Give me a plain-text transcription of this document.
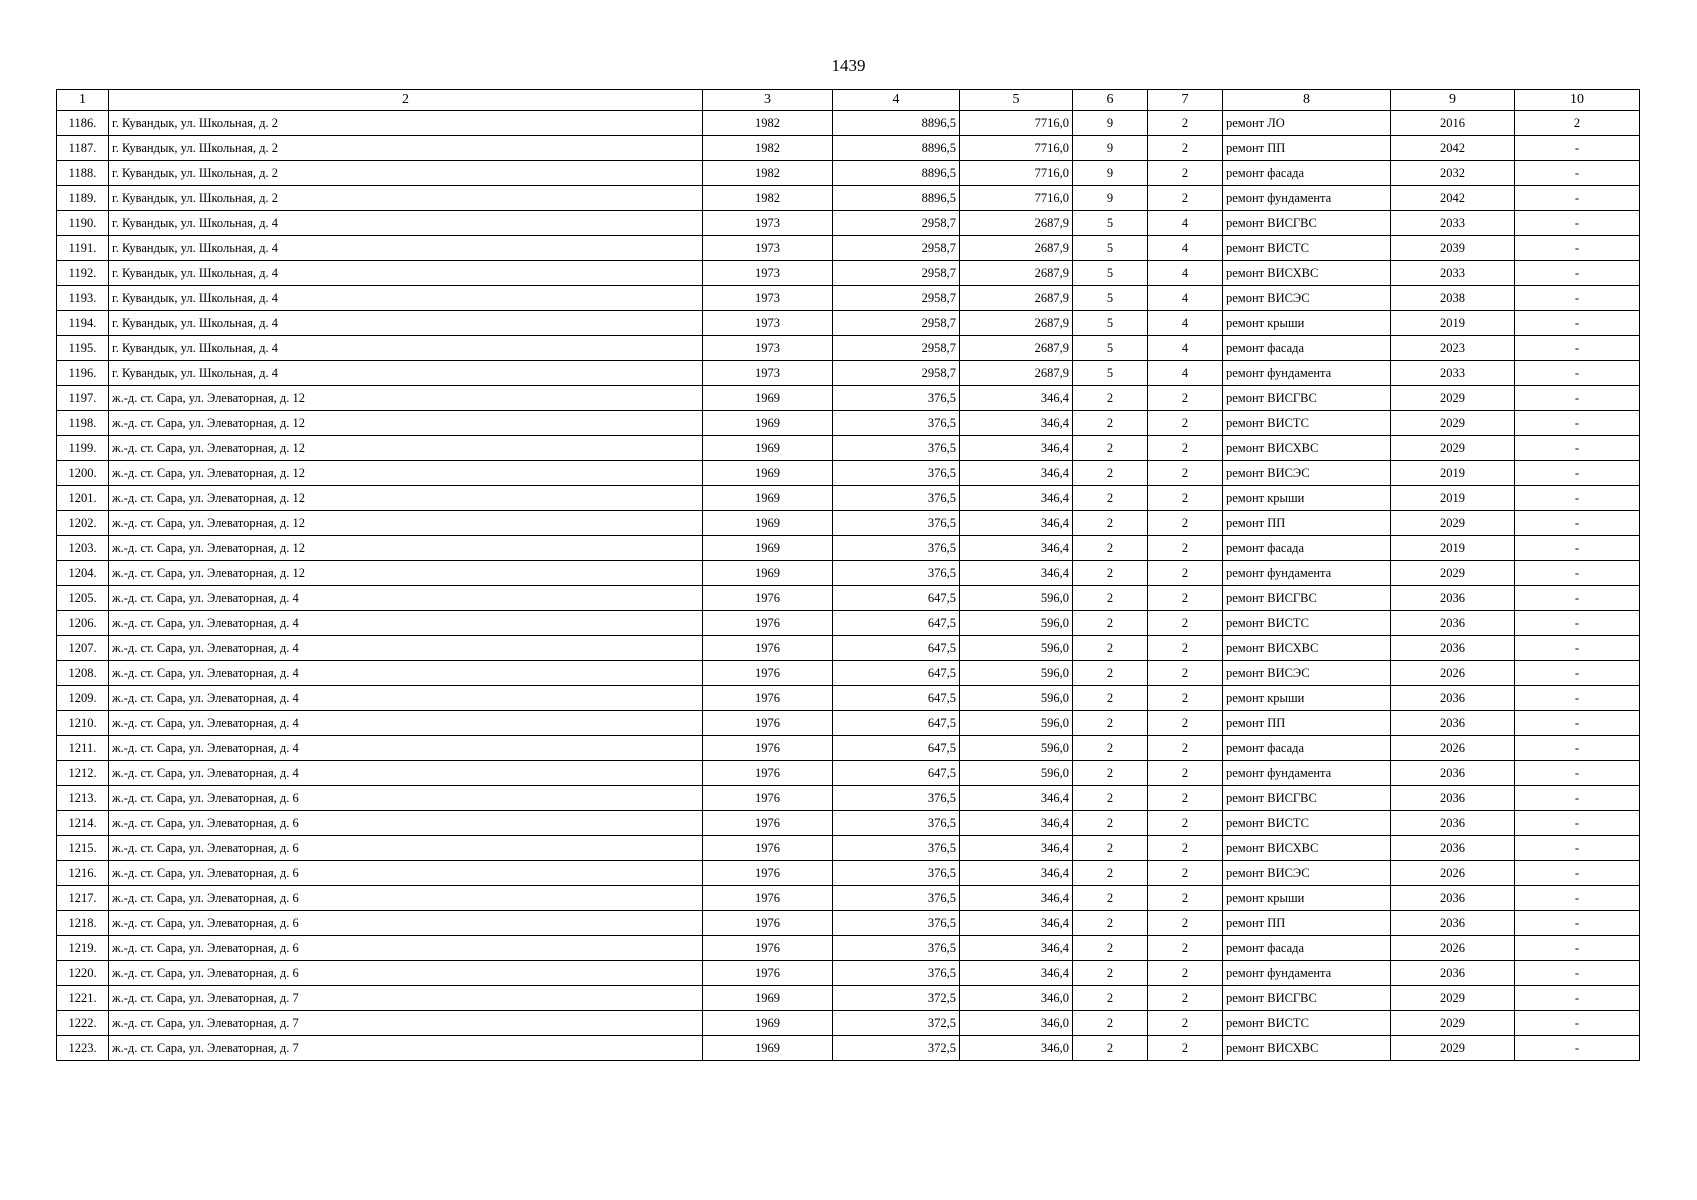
1439
1	2	3	4	5	6	7	8	9	10
1186.	г. Кувандык, ул. Школьная, д. 2	1982	8896,5	7716,0	9	2	ремонт ЛО	2016	2
1187.	г. Кувандык, ул. Школьная, д. 2	1982	8896,5	7716,0	9	2	ремонт ПП	2042	-
1188.	г. Кувандык, ул. Школьная, д. 2	1982	8896,5	7716,0	9	2	ремонт фасада	2032	-
1189.	г. Кувандык, ул. Школьная, д. 2	1982	8896,5	7716,0	9	2	ремонт фундамента	2042	-
1190.	г. Кувандык, ул. Школьная, д. 4	1973	2958,7	2687,9	5	4	ремонт ВИСГВС	2033	-
1191.	г. Кувандык, ул. Школьная, д. 4	1973	2958,7	2687,9	5	4	ремонт ВИСТС	2039	-
1192.	г. Кувандык, ул. Школьная, д. 4	1973	2958,7	2687,9	5	4	ремонт ВИСХВС	2033	-
1193.	г. Кувандык, ул. Школьная, д. 4	1973	2958,7	2687,9	5	4	ремонт ВИСЭС	2038	-
1194.	г. Кувандык, ул. Школьная, д. 4	1973	2958,7	2687,9	5	4	ремонт крыши	2019	-
1195.	г. Кувандык, ул. Школьная, д. 4	1973	2958,7	2687,9	5	4	ремонт фасада	2023	-
1196.	г. Кувандык, ул. Школьная, д. 4	1973	2958,7	2687,9	5	4	ремонт фундамента	2033	-
1197.	ж.-д. ст. Сара, ул. Элеваторная, д. 12	1969	376,5	346,4	2	2	ремонт ВИСГВС	2029	-
1198.	ж.-д. ст. Сара, ул. Элеваторная, д. 12	1969	376,5	346,4	2	2	ремонт ВИСТС	2029	-
1199.	ж.-д. ст. Сара, ул. Элеваторная, д. 12	1969	376,5	346,4	2	2	ремонт ВИСХВС	2029	-
1200.	ж.-д. ст. Сара, ул. Элеваторная, д. 12	1969	376,5	346,4	2	2	ремонт ВИСЭС	2019	-
1201.	ж.-д. ст. Сара, ул. Элеваторная, д. 12	1969	376,5	346,4	2	2	ремонт крыши	2019	-
1202.	ж.-д. ст. Сара, ул. Элеваторная, д. 12	1969	376,5	346,4	2	2	ремонт ПП	2029	-
1203.	ж.-д. ст. Сара, ул. Элеваторная, д. 12	1969	376,5	346,4	2	2	ремонт фасада	2019	-
1204.	ж.-д. ст. Сара, ул. Элеваторная, д. 12	1969	376,5	346,4	2	2	ремонт фундамента	2029	-
1205.	ж.-д. ст. Сара, ул. Элеваторная, д. 4	1976	647,5	596,0	2	2	ремонт ВИСГВС	2036	-
1206.	ж.-д. ст. Сара, ул. Элеваторная, д. 4	1976	647,5	596,0	2	2	ремонт ВИСТС	2036	-
1207.	ж.-д. ст. Сара, ул. Элеваторная, д. 4	1976	647,5	596,0	2	2	ремонт ВИСХВС	2036	-
1208.	ж.-д. ст. Сара, ул. Элеваторная, д. 4	1976	647,5	596,0	2	2	ремонт ВИСЭС	2026	-
1209.	ж.-д. ст. Сара, ул. Элеваторная, д. 4	1976	647,5	596,0	2	2	ремонт крыши	2036	-
1210.	ж.-д. ст. Сара, ул. Элеваторная, д. 4	1976	647,5	596,0	2	2	ремонт ПП	2036	-
1211.	ж.-д. ст. Сара, ул. Элеваторная, д. 4	1976	647,5	596,0	2	2	ремонт фасада	2026	-
1212.	ж.-д. ст. Сара, ул. Элеваторная, д. 4	1976	647,5	596,0	2	2	ремонт фундамента	2036	-
1213.	ж.-д. ст. Сара, ул. Элеваторная, д. 6	1976	376,5	346,4	2	2	ремонт ВИСГВС	2036	-
1214.	ж.-д. ст. Сара, ул. Элеваторная, д. 6	1976	376,5	346,4	2	2	ремонт ВИСТС	2036	-
1215.	ж.-д. ст. Сара, ул. Элеваторная, д. 6	1976	376,5	346,4	2	2	ремонт ВИСХВС	2036	-
1216.	ж.-д. ст. Сара, ул. Элеваторная, д. 6	1976	376,5	346,4	2	2	ремонт ВИСЭС	2026	-
1217.	ж.-д. ст. Сара, ул. Элеваторная, д. 6	1976	376,5	346,4	2	2	ремонт крыши	2036	-
1218.	ж.-д. ст. Сара, ул. Элеваторная, д. 6	1976	376,5	346,4	2	2	ремонт ПП	2036	-
1219.	ж.-д. ст. Сара, ул. Элеваторная, д. 6	1976	376,5	346,4	2	2	ремонт фасада	2026	-
1220.	ж.-д. ст. Сара, ул. Элеваторная, д. 6	1976	376,5	346,4	2	2	ремонт фундамента	2036	-
1221.	ж.-д. ст. Сара, ул. Элеваторная, д. 7	1969	372,5	346,0	2	2	ремонт ВИСГВС	2029	-
1222.	ж.-д. ст. Сара, ул. Элеваторная, д. 7	1969	372,5	346,0	2	2	ремонт ВИСТС	2029	-
1223.	ж.-д. ст. Сара, ул. Элеваторная, д. 7	1969	372,5	346,0	2	2	ремонт ВИСХВС	2029	-
